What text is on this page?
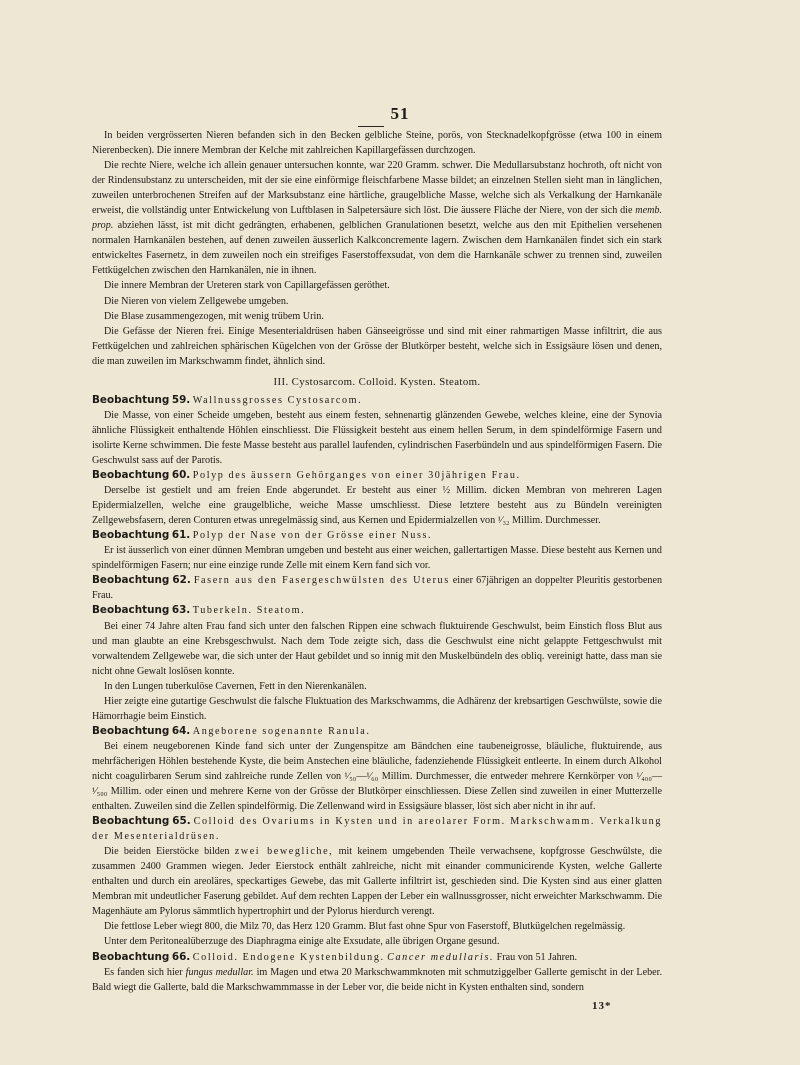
51

In beiden vergrösserten Nieren befanden sich in den Becken gelbliche Steine, porös, von Stecknadelkopfgrösse (etwa 100 in einem Nierenbecken). Die innere Membran der Kelche mit zahlreichen Kapillargefässen durchzogen.

Die rechte Niere, welche ich allein genauer untersuchen konnte, war 220 Gramm. schwer. Die Medullarsubstanz hochroth, oft nicht von der Rindensubstanz zu unterscheiden, mit der sie eine einförmige fleischfarbene Masse bildet; an einzelnen Stellen sieht man in länglichen, zuweilen unterbrochenen Streifen auf der Marksubstanz eine härtliche, graugelbliche Masse, welche sich als Verkalkung der Harnkanäle erweist, die vollständig unter Entwickelung von Luftblasen in Salpetersäure sich löst. Die äussere Fläche der Niere, von der sich die memb. prop. abziehen lässt, ist mit dicht gedrängten, erhabenen, gelblichen Granulationen besetzt, welche aus den mit Epithelien versehenen normalen Harnkanälen bestehen, auf denen zuweilen äusserlich Kalkconcremente lagern. Zwischen dem Harnkanälen findet sich ein stark entwickeltes Fasernetz, in dem zuweilen noch ein streifiges Faserstoffexsudat, von dem die Harnkanäle schwer zu trennen sind, zuweilen Fettkügelchen zwischen den Harnkanälen, nie in ihnen.

Die innere Membran der Ureteren stark von Capillargefässen geröthet.

Die Nieren von vielem Zellgewebe umgeben.

Die Blase zusammengezogen, mit wenig trübem Urin.

Die Gefässe der Nieren frei. Einige Mesenterialdrüsen haben Gänseeigrösse und sind mit einer rahmartigen Masse infiltrirt, die aus Fettkügelchen und zahlreichen sphärischen Kügelchen von der Grösse der Blutkörper besteht, welche sich in Essigsäure lösen und denen, die man zuweilen im Markschwamm findet, ähnlich sind.

III. Cystosarcom. Colloid. Kysten. Steatom.

Beobachtung 59. Wallnussgrosses Cystosarcom.

Die Masse, von einer Scheide umgeben, besteht aus einem festen, sehnenartig glänzenden Gewebe, welches kleine, eine der Synovia ähnliche Flüssigkeit enthaltende Höhlen einschliesst. Die Flüssigkeit besteht aus einem hellen Serum, in dem spindelförmige Fasern und isolirte Kerne schwimmen. Die feste Masse besteht aus parallel laufenden, cylindrischen Faserbündeln und aus spindelförmigen Fasern. Die Geschwulst sass auf der Parotis.

Beobachtung 60. Polyp des äussern Gehörganges von einer 30jährigen Frau.

Derselbe ist gestielt und am freien Ende abgerundet. Er besteht aus einer ½ Millim. dicken Membran von mehreren Lagen Epidermialzellen, welche eine graugelbliche, weiche Masse umschliesst. Diese letztere besteht aus zu Bündeln vereinigten Zellgewebsfasern, deren Conturen etwas unregelmässig sind, aus Kernen und Epidermialzellen von ¹⁄₃₂ Millim. Durchmesser.

Beobachtung 61. Polyp der Nase von der Grösse einer Nuss.

Er ist äusserlich von einer dünnen Membran umgeben und besteht aus einer weichen, gallertartigen Masse. Diese besteht aus Kernen und spindelförmigen Fasern; nur eine einzige runde Zelle mit einem Kern fand sich vor.

Beobachtung 62. Fasern aus den Fasergeschwülsten des Uterus einer 67jährigen an doppelter Pleuritis gestorbenen Frau.

Beobachtung 63. Tuberkeln. Steatom.

Bei einer 74 Jahre alten Frau fand sich unter den falschen Rippen eine schwach fluktuirende Geschwulst, beim Einstich floss Blut aus und man glaubte an eine Krebsgeschwulst. Nach dem Tode zeigte sich, dass die Geschwulst eine nicht gelappte Fettgeschwulst mit vorwaltendem Zellgewebe war, die sich unter der Haut gebildet und so innig mit den Muskelbündeln des obliq. vereinigt hatte, dass man sie nicht ohne Gewalt loslösen konnte.

In den Lungen tuberkulöse Cavernen, Fett in den Nierenkanälen.

Hier zeigte eine gutartige Geschwulst die falsche Fluktuation des Markschwamms, die Adhärenz der krebsartigen Geschwülste, sowie die Hämorrhagie beim Einstich.

Beobachtung 64. Angeborene sogenannte Ranula.

Bei einem neugeborenen Kinde fand sich unter der Zungenspitze am Bändchen eine taubeneigrosse, bläuliche, fluktuirende, aus mehrfächerigen Höhlen bestehende Kyste, die beim Anstechen eine bläuliche, fadenziehende Flüssigkeit entleerte. In einem durch Alkohol nicht coagulirbaren Serum sind zahlreiche runde Zellen von ¹⁄₅₀—¹⁄₆₀ Millim. Durchmesser, die entweder mehrere Kernkörper von ¹⁄₄₀₀—¹⁄₅₀₀ Millim. oder einen und mehrere Kerne von der Grösse der Blutkörper einschliessen. Diese Zellen sind zuweilen in einer Mutterzelle enthalten. Zuweilen sind die Zellen spindelförmig. Die Zellenwand wird in Essigsäure blasser, löst sich aber nicht in ihr auf.

Beobachtung 65. Colloid des Ovariums in Kysten und in areolarer Form. Markschwamm. Verkalkung der Mesenterialdrüsen.

Die beiden Eierstöcke bilden zwei bewegliche, mit keinem umgebenden Theile verwachsene, kopfgrosse Geschwülste, die zusammen 2400 Grammen wiegen. Jeder Eierstock enthält zahlreiche, nicht mit einander communicirende Kysten, welche Gallerte enthalten und durch ein areoläres, speckartiges Gewebe, das mit Gallerte infiltrirt ist, geschieden sind. Die Kysten sind aus einer glatten Membran mit undeutlicher Faserung gebildet. Auf dem rechten Lappen der Leber ein wallnussgrosser, nicht erweichter Markschwamm. Die Magenhäute am Pylorus sämmtlich hypertrophirt und der Pylorus hierdurch verengt.

Die fettlose Leber wiegt 800, die Milz 70, das Herz 120 Gramm. Blut fast ohne Spur von Faserstoff, Blutkügelchen regelmässig.

Unter dem Peritonealüberzuge des Diaphragma einige alte Exsudate, alle übrigen Organe gesund.

Beobachtung 66. Colloid. Endogene Kystenbildung. Cancer medullaris. Frau von 51 Jahren.

Es fanden sich hier fungus medullar. im Magen und etwa 20 Markschwammknoten mit schmutziggelber Gallerte gemischt in der Leber. Bald wiegt die Gallerte, bald die Markschwammmasse in der Leber vor, die beide nicht in Kysten enthalten sind, sondern

13*
